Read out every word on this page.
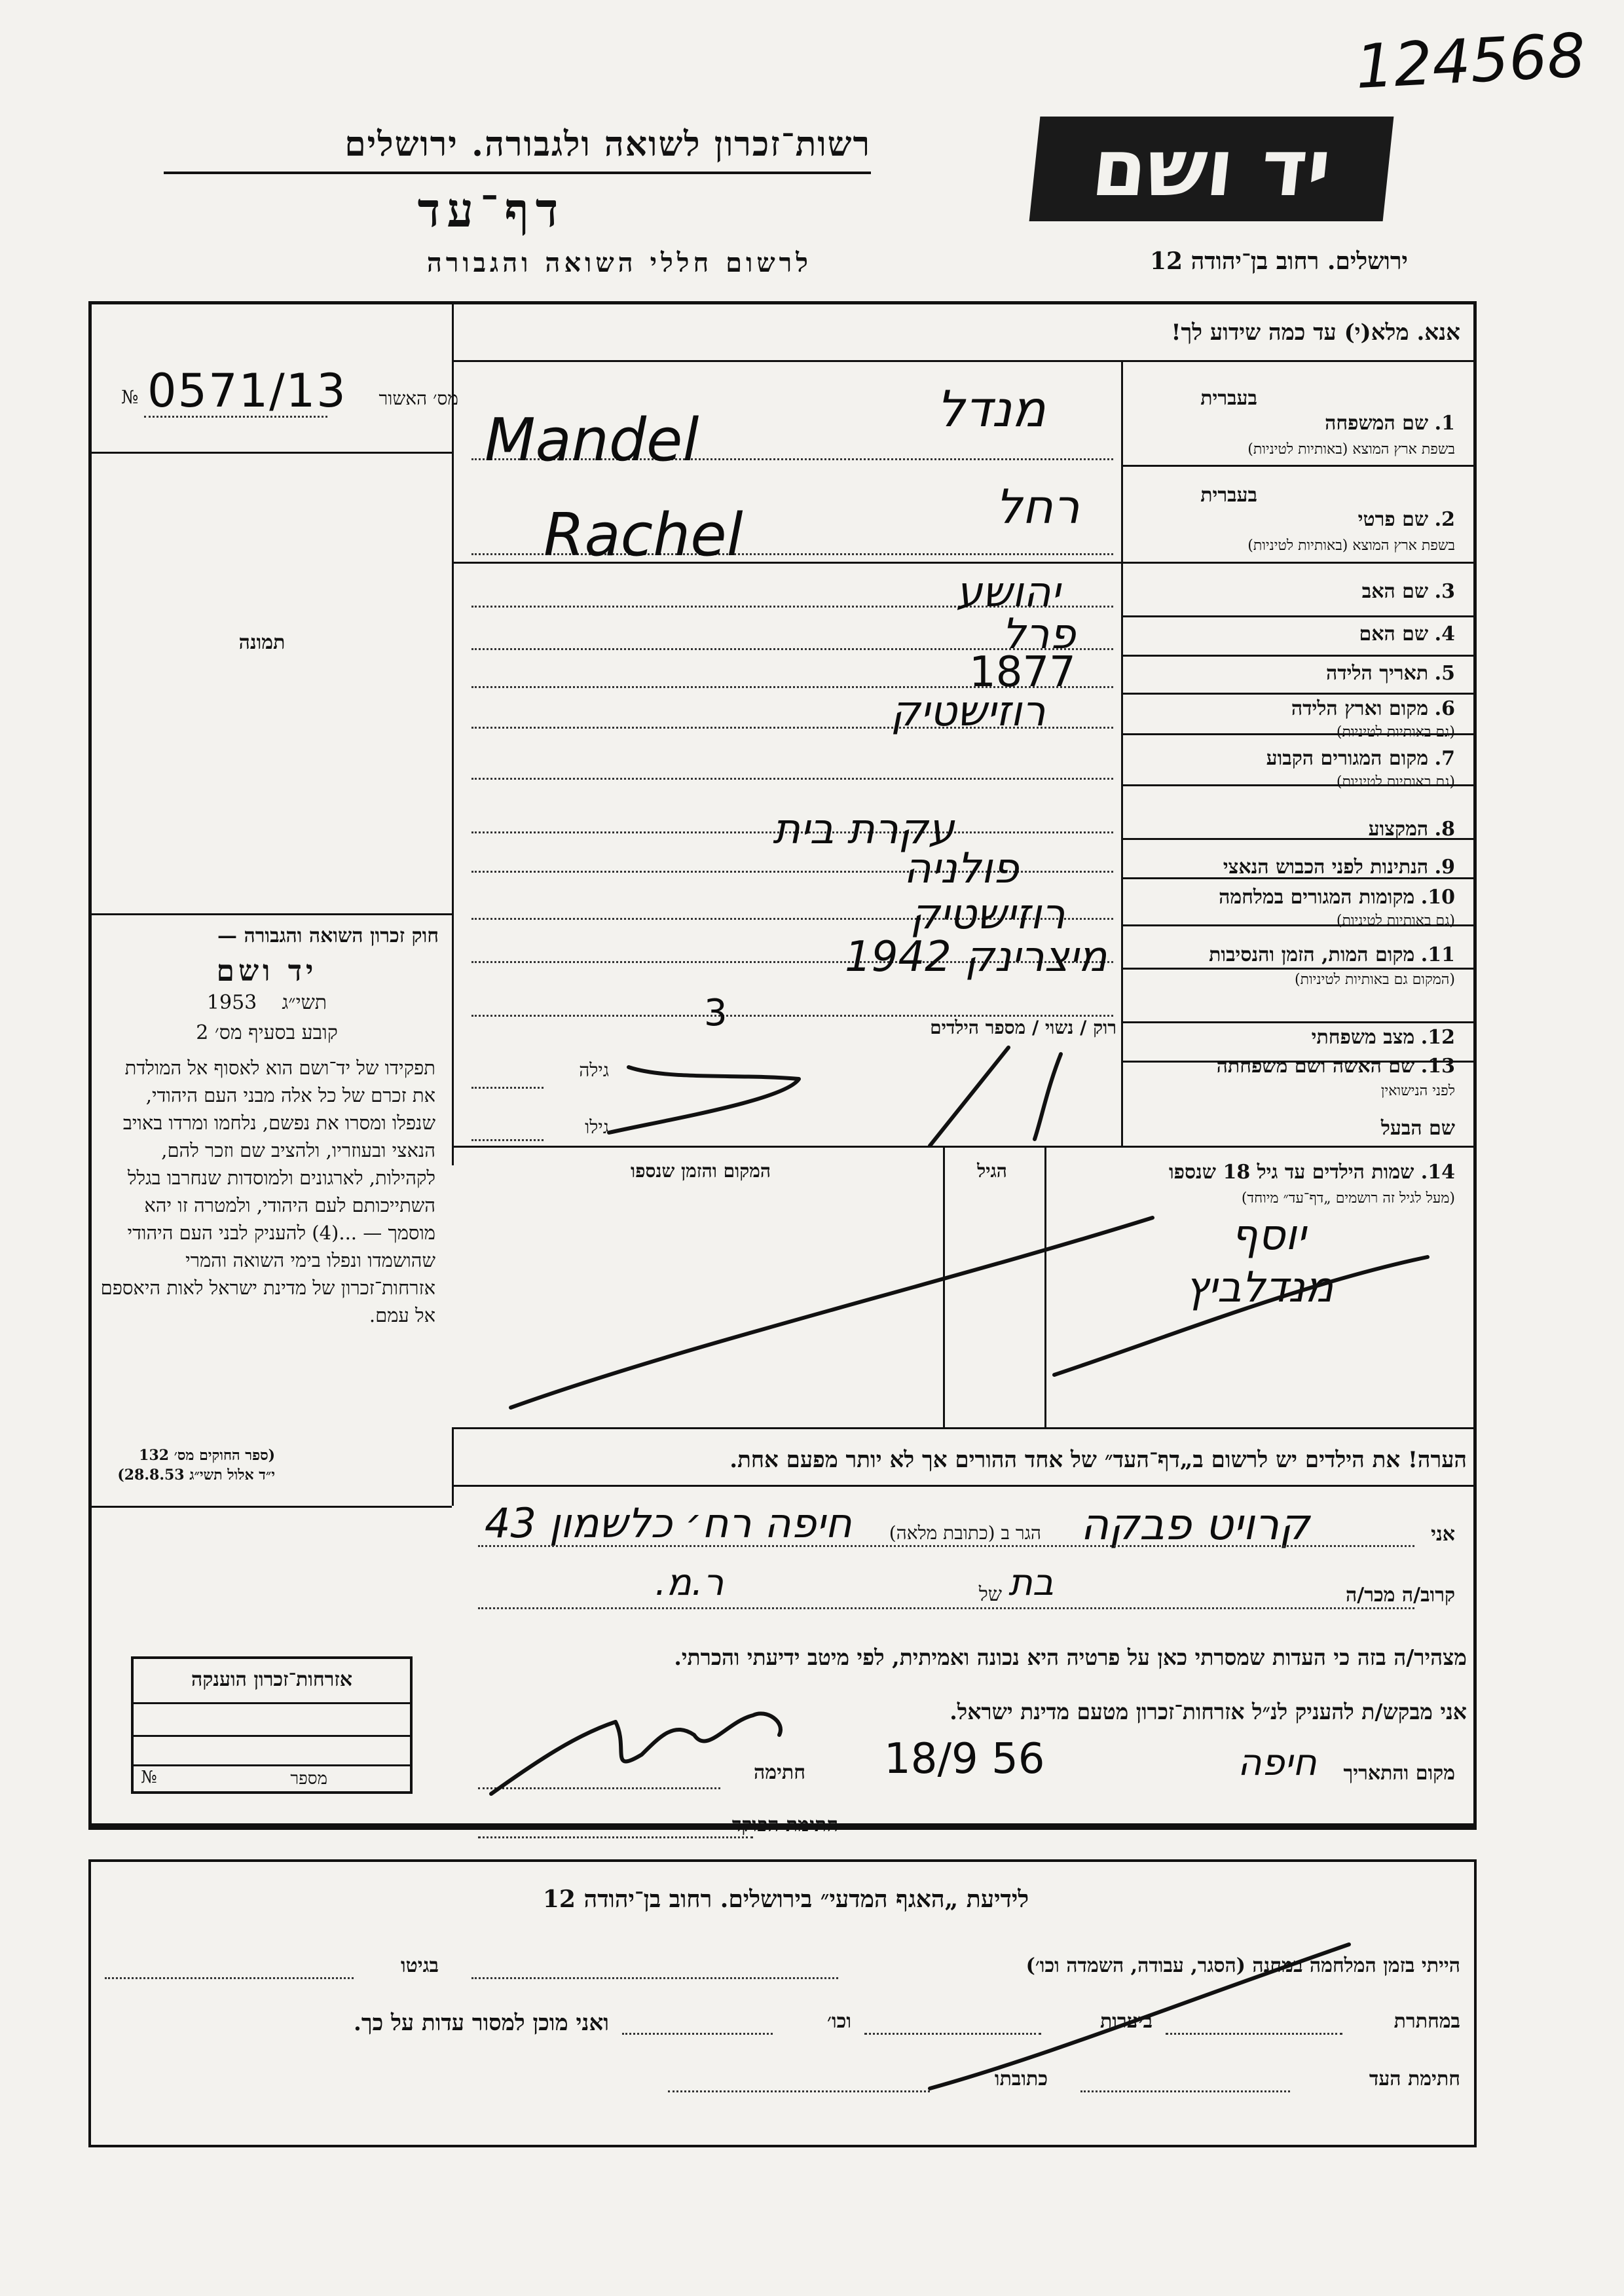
124568
רשות־זכרון לשואה ולגבורה. ירושלים
דף־עד
לרשום חללי השואה והגבורה
יד ושם
ירושלים. רחוב בן־יהודה 12
אנא. מלא(י) עד כמה שידוע לך!
מס׳ האשור
№ 0571/13
תמונה
בעברית
1. שם המשפחה
בשפת ארץ המוצא (באותיות לטיניות)
בעברית
2. שם פרטי
בשפת ארץ המוצא (באותיות לטיניות)
3. שם האב
4. שם האם
5. תאריך הלידה
6. מקום וארץ הלידה
(גם באותיות לטיניות)
7. מקום המגורים הקבוע
(גם באותיות לטיניות)
8. המקצוע
9. הנתינות לפני הכבוש הנאצי
10. מקומות המגורים במלחמה
(גם באותיות לטיניות)
11. מקום המות, הזמן והנסיבות
(המקום גם באותיות לטיניות)
12. מצב משפחתי
13. שם האשה ושם משפחתה
לפני הנישואין
שם הבעל
מנדל
Mandel
רחל
Rachel
יהושע
פרל
1877
רוזישטיק
עקרת בית
פולניה
רוזישטיק
מיצרינק 1942
רוק / נשוי / מספר הילדים
3
גילה
גילו
14. שמות הילדים עד גיל 18 שנספו
(מעל לגיל זה רושמים „דף־עד״ מיוחד)
הגיל
המקום והזמן שנספו
יוסף
מנדלביץ
חוק זכרון השואה והגבורה —
יד ושם
1953 תשי״ג
קובע בסעיף מס׳ 2
תפקידו של יד־ושם הוא לאסוף אל המולדת את זכרם של כל אלה מבני העם היהודי, שנפלו ומסרו את נפשם, נלחמו ומרדו באויב הנאצי ובעוזריו, ולהציב שם וזכר להם, לקהילות, לארגונים ולמוסדות שנחרבו בגלל השתייכותם לעם היהודי, ולמטרה זו יהא מוסמך — ...(4) להעניק לבני העם היהודי שהושמדו ונפלו בימי השואה והמרי אזרחות־זכרון של מדינת ישראל לאות היאספם אל עמם.
(ספר החוקים מס׳ 132
י״ד אלול תשי״ג 28.8.53)
הערה! את הילדים יש לרשום ב„דף־העד״ של אחד ההורים אך לא יותר מפעם אחת.
אני
קרויט פבקה
הגר ב (כתובת מלאה)
חיפה רח׳ כלשמון 43
קרוב/ה מכר/ה
של בת
ר.מ.
מצהיר/ה בזה כי העדות שמסרתי כאן על פרטיה היא נכונה ואמיתית, לפי מיטב ידיעתי והכרתי.
אני מבקש/ת להעניק לנ״ל אזרחות־זכרון מטעם מדינת ישראל.
מקום והתאריך
חיפה
18/9 56
חתימה
חתימת הפוקד
אזרחות־זכרון הוענקה
מספר
№
לידיעת „האגף המדעי״ בירושלים. רחוב בן־יהודה 12
הייתי בזמן המלחמה במחנה (הסגר, עבודה, השמדה וכו׳)
בגיטו
במחתרת
ביערות
וכו׳
ואני מוכן למסור עדות על כך.
חתימת העד
כתובתו
